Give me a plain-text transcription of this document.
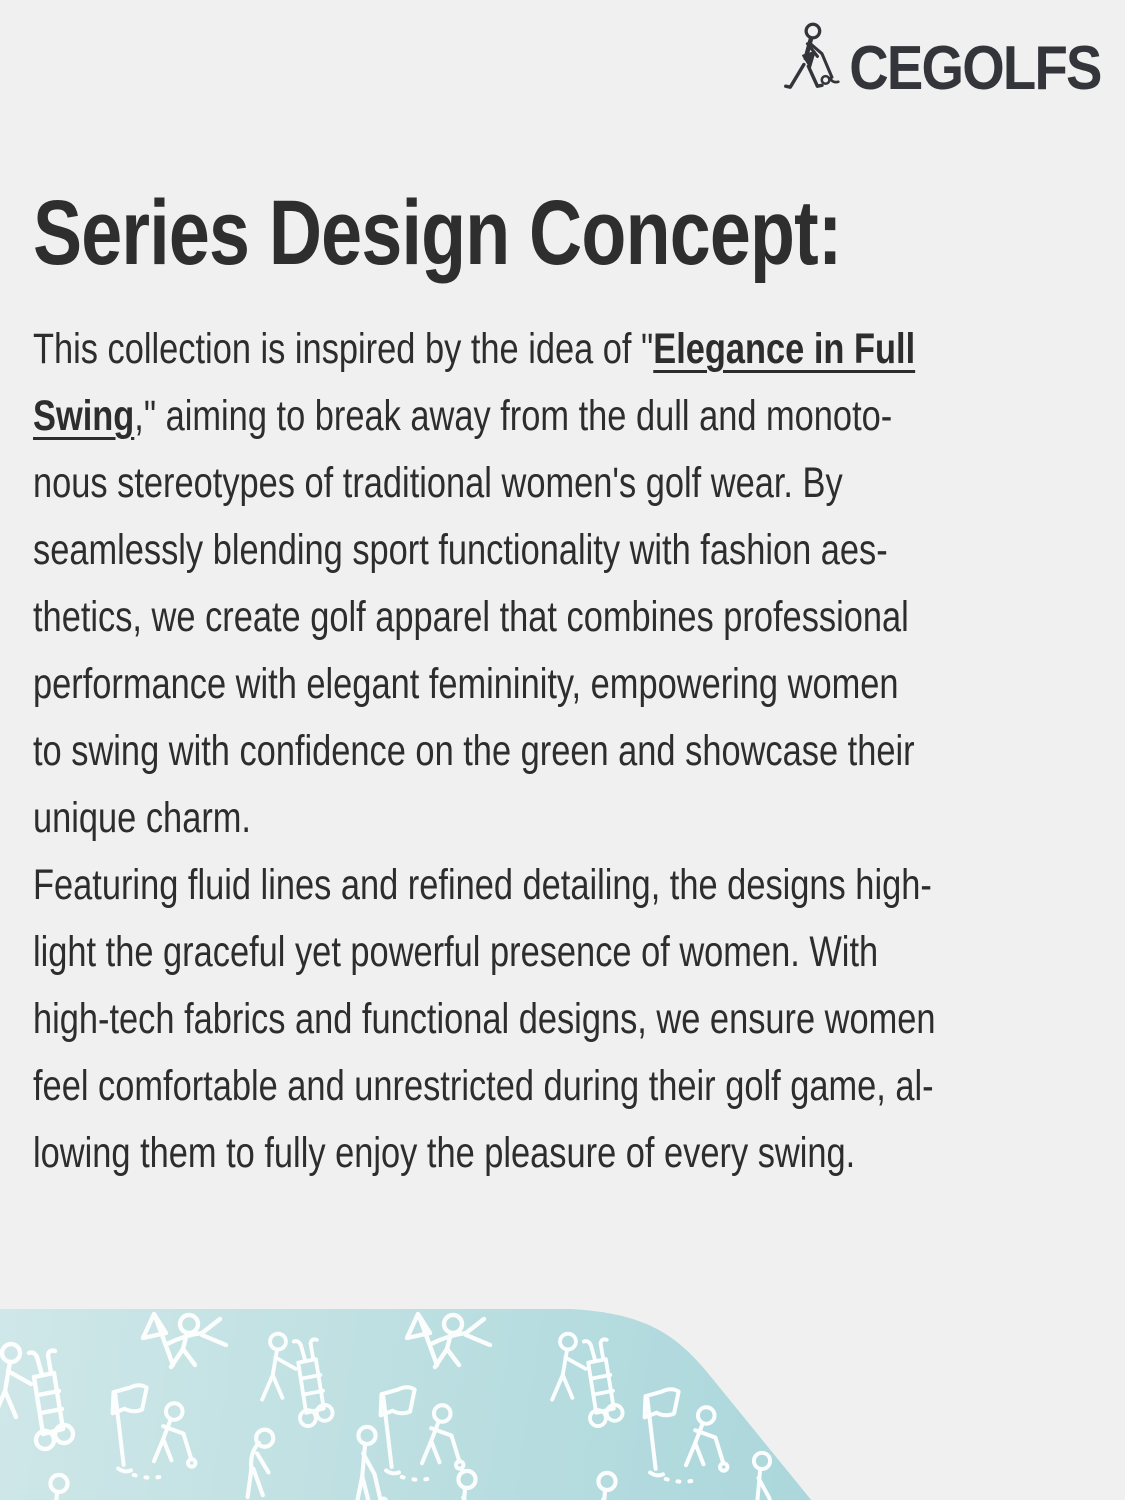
CEGOLFS
Series Design Concept:
This collection is inspired by the idea of "Elegance in Full
Swing," aiming to break away from the dull and monoto-
nous stereotypes of traditional women's golf wear. By
seamlessly blending sport functionality with fashion aes-
thetics, we create golf apparel that combines professional
performance with elegant femininity, empowering women
to swing with confidence on the green and showcase their
unique charm.
Featuring fluid lines and refined detailing, the designs high-
light the graceful yet powerful presence of women. With
high-tech fabrics and functional designs, we ensure women
feel comfortable and unrestricted during their golf game, al-
lowing them to fully enjoy the pleasure of every swing.
